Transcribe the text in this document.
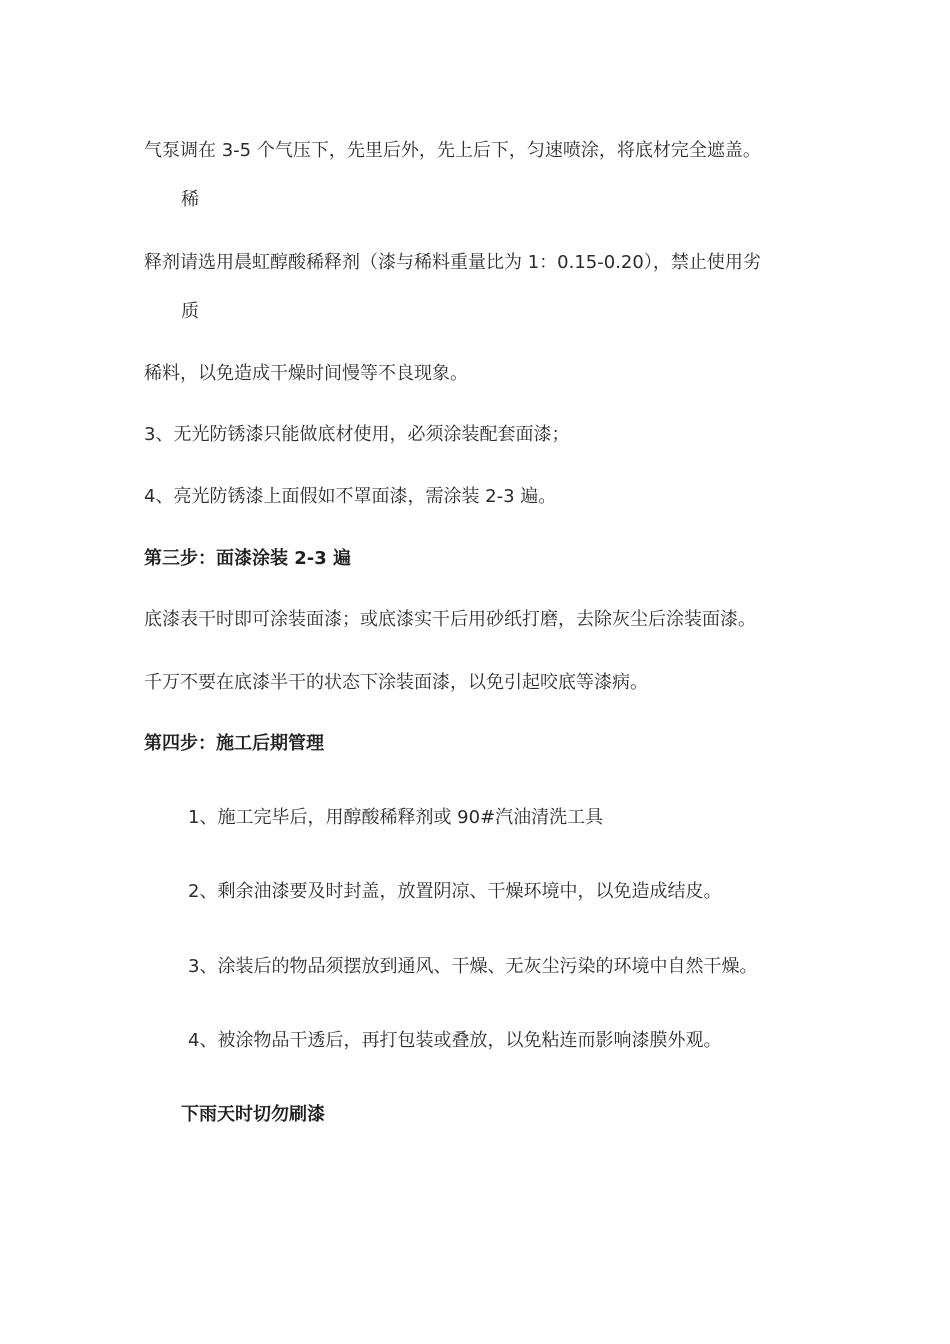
气泵调在 3-5 个气压下，先里后外，先上后下，匀速喷涂，将底材完全遮盖。
稀
释剂请选用晨虹醇酸稀释剂（漆与稀料重量比为 1：0.15-0.20），禁止使用劣
质
稀料，以免造成干燥时间慢等不良现象。
3、无光防锈漆只能做底材使用，必须涂装配套面漆；
4、亮光防锈漆上面假如不罩面漆，需涂装 2-3 遍。
第三步：面漆涂装 2-3 遍
底漆表干时即可涂装面漆；或底漆实干后用砂纸打磨，去除灰尘后涂装面漆。
千万不要在底漆半干的状态下涂装面漆，以免引起咬底等漆病。
第四步：施工后期管理
1、施工完毕后，用醇酸稀释剂或 90#汽油清洗工具
2、剩余油漆要及时封盖，放置阴凉、干燥环境中，以免造成结皮。
3、涂装后的物品须摆放到通风、干燥、无灰尘污染的环境中自然干燥。
4、被涂物品干透后，再打包装或叠放，以免粘连而影响漆膜外观。
下雨天时切勿刷漆
